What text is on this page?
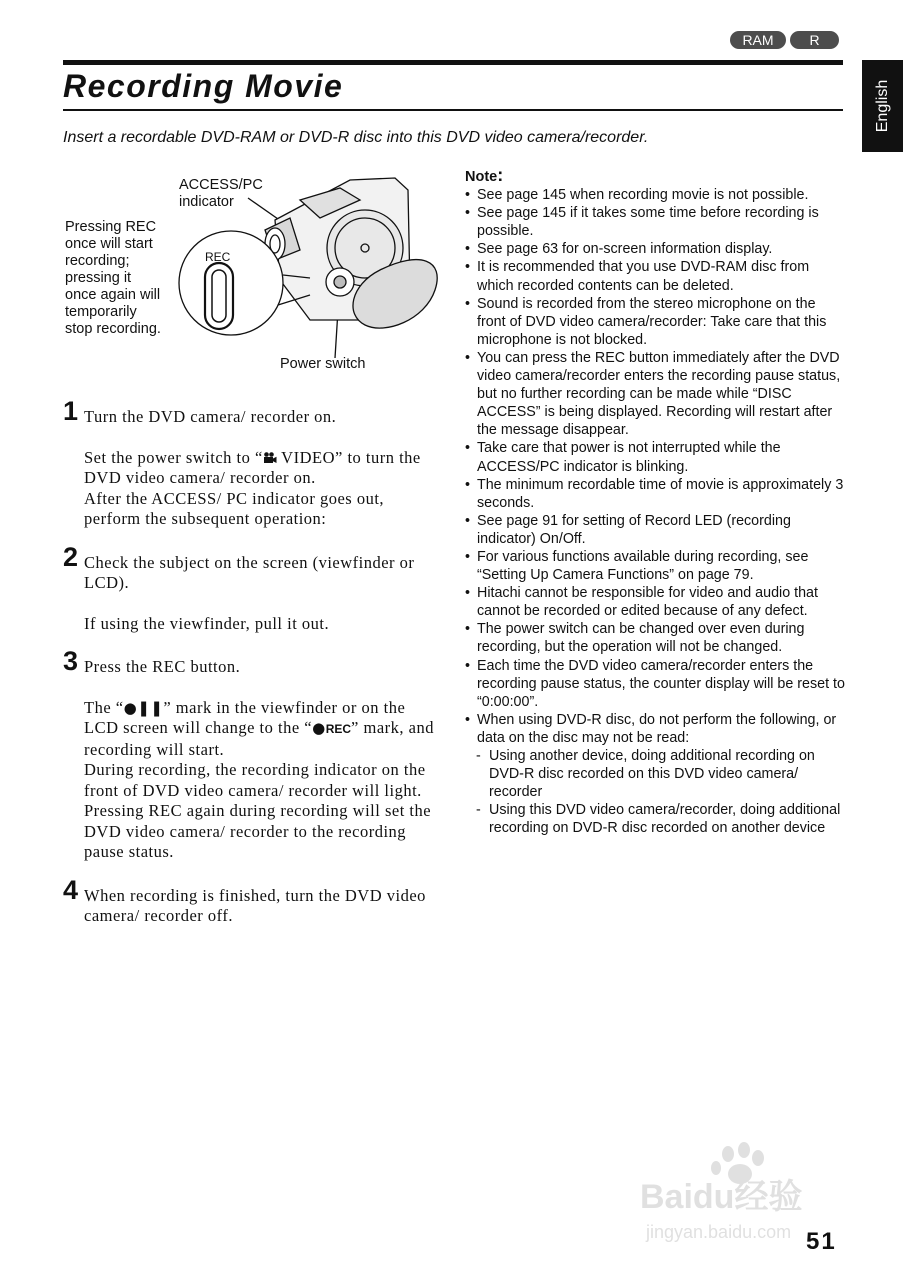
RAM	R
English
Recording Movie
Insert a recordable DVD-RAM or DVD-R disc into this DVD video camera/recorder.
ACCESS/PC
indicator
Pressing REC
once will start
recording;
pressing it
once again will
temporarily
stop recording.
Power switch
REC
1 Turn the DVD camera/ recorder on.

Set the power switch to “ VIDEO” to turn the DVD video camera/ recorder on.

After the ACCESS/ PC indicator goes out, perform the subsequent operation:

2 Check the subject on the screen (viewfinder or LCD).

If using the viewfinder, pull it out.

3 Press the REC button.

The “●❚❚” mark in the viewfinder or on the LCD screen will change to the “●REC” mark, and recording will start.

During recording, the recording indicator on the front of DVD video camera/ recorder will light.

Pressing REC again during recording will set the DVD video camera/ recorder to the recording pause status.

4 When recording is finished, turn the DVD video camera/ recorder off.
Note:
• See page 145 when recording movie is not possible.
• See page 145 if it takes some time before recording is possible.
• See page 63 for on-screen information display.
• It is recommended that you use DVD-RAM disc from which recorded contents can be deleted.
• Sound is recorded from the stereo microphone on the front of DVD video camera/recorder: Take care that this microphone is not blocked.
• You can press the REC button immediately after the DVD video camera/recorder enters the recording pause status, but no further recording can be made while “DISC ACCESS” is being displayed. Recording will restart after the message disappear.
• Take care that power is not interrupted while the ACCESS/PC indicator is blinking.
• The minimum recordable time of movie is approximately 3 seconds.
• See page 91 for setting of Record LED (recording indicator) On/Off.
• For various functions available during recording, see “Setting Up Camera Functions” on page 79.
• Hitachi cannot be responsible for video and audio that cannot be recorded or edited because of any defect.
• The power switch can be changed over even during recording, but the operation will not be changed.
• Each time the DVD video camera/recorder enters the recording pause status, the counter display will be reset to “0:00:00”.
• When using DVD-R disc, do not perform the following, or data on the disc may not be read:
- Using another device, doing additional recording on DVD-R disc recorded on this DVD video camera/ recorder
- Using this DVD video camera/recorder, doing additional recording on DVD-R disc recorded on another device
Baidu经验
jingyan.baidu.com 51
